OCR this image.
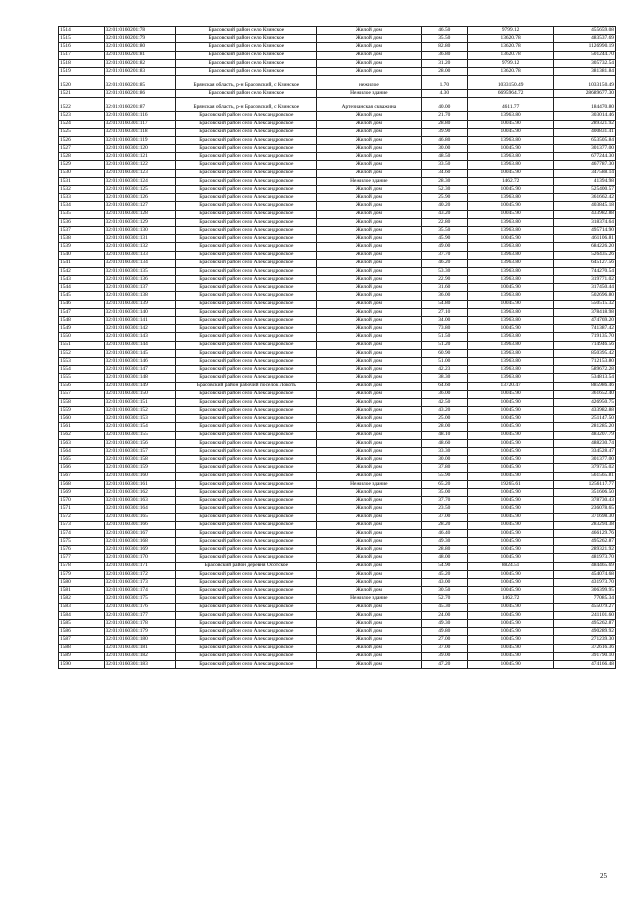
1514	32:01:0160201:78	Брасовский район село Кзинское	Жилой дом	46.50	9799.12	455659.08
1515	32:01:0160201:79	Брасовский район село Кзинское	Жилой дом	35.50	13620.78	483537.69
1516	32:01:0160201:80	Брасовский район село Кзинское	Жилой дом	82.80	13620.78	1126990.19
1517	32:01:0160201:81	Брасовский район село Кзинское	Жилой дом	36.80	13620.78	501244.70
1518	32:01:0160201:82	Брасовский район село Кзинское	Жилой дом	31.20	9799.12	305732.54
1519	32:01:0160201:83	Брасовский район село Кзинское	Жилой дом	28.00	13620.78	381381.84
1520	32:01:0160201:85	Брянская область, р-н Брасовский, с Кзинское	нежилое	1.70	1033150.49	1033150.49
1521	32:01:0160201:86	Брасовский район село Кзинское	Нежилое здание	4.30	6695964.72	28689677.30
1522	32:01:0160201:87	Брянская область, р-н Брасовский, с Кзинское	Артезианская скважина	40.00	4611.77	184470.80
1523	32:01:0160301:116	Брасовский район село Александровское	Жилой дом	21.70	13963.80	303014.46
1524	32:01:0160301:117	Брасовский район село Александровское	Жилой дом	28.80	10045.90	289321.92
1525	32:01:0160301:118	Брасовский район село Александровское	Жилой дом	39.90	10045.90	400831.41
1526	32:01:0160301:119	Брасовский район село Александровское	Жилой дом	46.80	13963.80	653505.84
1527	32:01:0160301:120	Брасовский район село Александровское	Жилой дом	30.00	10045.90	301377.00
1528	32:01:0160301:121	Брасовский район село Александровское	Жилой дом	48.50	13963.80	677244.30
1529	32:01:0160301:122	Брасовский район село Александровское	Жилой дом	33.50	13963.80	467787.30
1530	32:01:0160301:123	Брасовский район село Александровское	Жилой дом	34.60	10045.90	347588.14
1531	32:01:0160301:124	Брасовский район село Александровское	Нежилое здание	28.30	1462.72	41394.98
1532	32:01:0160301:125	Брасовский район село Александровское	Жилой дом	52.30	10045.90	525400.57
1533	32:01:0160301:126	Брасовский район село Александровское	Жилой дом	25.90	13963.80	361662.42
1534	32:01:0160301:127	Брасовский район село Александровское	Жилой дом	40.20	10045.90	403845.18
1535	32:01:0160301:128	Брасовский район село Александровское	Жилой дом	43.20	10045.90	433982.88
1536	32:01:0160301:129	Брасовский район село Александровское	Жилой дом	22.80	13963.80	318374.64
1537	32:01:0160301:130	Брасовский район село Александровское	Жилой дом	35.50	13963.80	495714.90
1538	32:01:0160301:131	Брасовский район село Александровское	Жилой дом	45.90	10045.90	461106.81
1539	32:01:0160301:132	Брасовский район село Александровское	Жилой дом	49.00	13963.80	684226.20
1540	32:01:0160301:133	Брасовский район село Александровское	Жилой дом	37.70	13963.80	526435.26
1541	32:01:0160301:134	Брасовский район село Александровское	Жилой дом	46.20	13963.80	645127.56
1542	32:01:0160301:135	Брасовский район село Александровское	Жилой дом	53.30	13963.80	744270.54
1543	32:01:0160301:136	Брасовский район село Александровское	Жилой дом	22.90	13963.80	319771.02
1544	32:01:0160301:137	Брасовский район село Александровское	Жилой дом	31.60	10045.90	317450.44
1545	32:01:0160301:138	Брасовский район село Александровское	Жилой дом	36.00	13963.80	502696.80
1546	32:01:0160301:139	Брасовский район село Александровское	Жилой дом	54.80	10045.90	550515.32
1547	32:01:0160301:140	Брасовский район село Александровское	Жилой дом	27.10	13963.80	378418.98
1548	32:01:0160301:141	Брасовский район село Александровское	Жилой дом	34.00	13963.80	474769.20
1549	32:01:0160301:142	Брасовский район село Александровское	Жилой дом	73.80	10045.90	741387.42
1550	32:01:0160301:143	Брасовский район село Александровское	Жилой дом	51.50	13963.80	719135.70
1551	32:01:0160301:144	Брасовский район село Александровское	Жилой дом	51.20	13963.80	714946.56
1552	32:01:0160301:145	Брасовский район село Александровское	Жилой дом	60.90	13963.80	850395.42
1553	32:01:0160301:146	Брасовский район село Александровское	Жилой дом	51.00	13963.80	712153.80
1554	32:01:0160301:147	Брасовский район село Александровское	Жилой дом	42.23	13963.80	589672.28
1555	32:01:0160301:148	Брасовский район село Александровское	Жилой дом	38.30	13963.80	534813.54
1556	32:01:0160301:149	Брасовский район рабочий поселок Локоть	Жилой дом	64.60	13720.47	885986.46
1557	32:01:0160301:150	Брасовский район село Александровское	Жилой дом	36.00	10045.90	361652.40
1558	32:01:0160301:151	Брасовский район село Александровское	Жилой дом	42.50	10045.90	426950.75
1559	32:01:0160301:152	Брасовский район село Александровское	Жилой дом	43.20	10045.90	433982.88
1560	32:01:0160301:153	Брасовский район село Александровское	Жилой дом	25.00	10045.90	251147.50
1561	32:01:0160301:154	Брасовский район село Александровское	Жилой дом	28.00	10045.90	281285.20
1562	32:01:0160301:155	Брасовский район село Александровское	Жилой дом	48.10	10045.90	483207.79
1563	32:01:0160301:156	Брасовский район село Александровское	Жилой дом	48.60	10045.90	488230.74
1564	32:01:0160301:157	Брасовский район село Александровское	Жилой дом	33.30	10045.90	334528.47
1565	32:01:0160301:158	Брасовский район село Александровское	Жилой дом	30.00	10045.90	301377.00
1566	32:01:0160301:159	Брасовский район село Александровское	Жилой дом	37.80	10045.90	379735.02
1567	32:01:0160301:160	Брасовский район село Александровское	Жилой дом	55.90	10045.90	561565.81
1568	32:01:0160301:161	Брасовский район село Александровское	Нежилое здание	65.20	19265.61	1256117.77
1569	32:01:0160301:162	Брасовский район село Александровское	Жилой дом	35.00	10045.90	351606.50
1570	32:01:0160301:163	Брасовский район село Александровское	Жилой дом	37.70	10045.90	378730.43
1571	32:01:0160301:164	Брасовский район село Александровское	Жилой дом	23.50	10045.90	236078.65
1572	32:01:0160301:165	Брасовский район село Александровское	Жилой дом	37.00	10045.90	371698.30
1573	32:01:0160301:166	Брасовский район село Александровское	Жилой дом	28.20	10045.90	283294.38
1574	32:01:0160301:167	Брасовский район село Александровское	Жилой дом	46.40	10045.90	466129.76
1575	32:01:0160301:168	Брасовский район село Александровское	Жилой дом	49.30	10045.90	495262.87
1576	32:01:0160301:169	Брасовский район село Александровское	Жилой дом	28.80	10045.90	289321.92
1577	32:01:0160301:170	Брасовский район село Александровское	Жилой дом	48.00	10045.90	481973.70
1578	32:01:0160301:171	Брасовский район деревня Осотское	Жилой дом	54.90	8824.51	484465.69
1579	32:01:0160301:172	Брасовский район село Александровское	Жилой дом	45.20	10045.90	454074.68
1580	32:01:0160301:173	Брасовский район село Александровское	Жилой дом	43.00	10045.90	431973.70
1581	32:01:0160301:174	Брасовский район село Александровское	Жилой дом	30.50	10045.90	306399.95
1582	32:01:0160301:175	Брасовский район село Александровское	Нежилое здание	52.70	1462.72	77085.34
1583	32:01:0160301:176	Брасовский район село Александровское	Жилой дом	45.30	10045.90	455079.27
1584	32:01:0160301:177	Брасовский район село Александровское	Жилой дом	24.00	10045.90	241101.60
1585	32:01:0160301:178	Брасовский район село Александровское	Жилой дом	49.30	10045.90	495262.87
1586	32:01:0160301:179	Брасовский район село Александровское	Жилой дом	49.80	10045.90	490289.92
1587	32:01:0160301:180	Брасовский район село Александровское	Жилой дом	27.00	10045.90	271239.30
1588	32:01:0160301:181	Брасовский район село Александровское	Жилой дом	37.00	10045.90	372616.36
1589	32:01:0160301:182	Брасовский район село Александровское	Жилой дом	39.00	10045.90	391790.10
1590	32:01:0160301:183	Брасовский район село Александровское	Жилой дом	47.20	10045.90	474166.48
25
